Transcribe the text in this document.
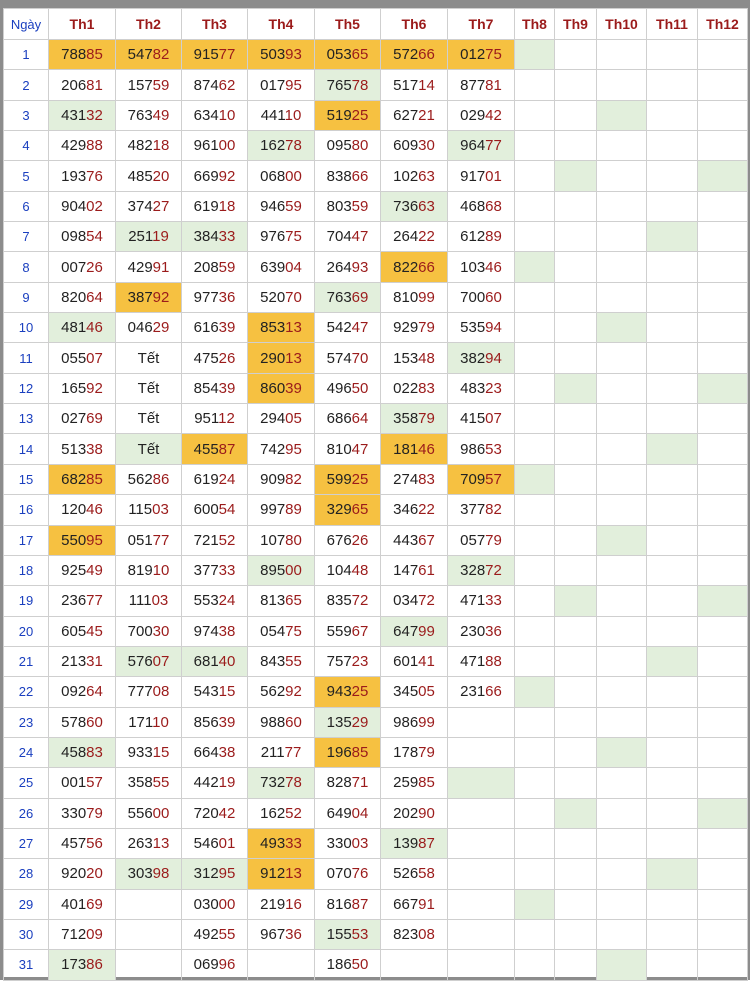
Ngày	Th1	Th2	Th3	Th4	Th5	Th6	Th7	Th8	Th9	Th10	Th11	Th12
1	78885	54782	91577	50393	05365	57266	01275					
2	20681	15759	87462	01795	76578	51714	87781					
3	43132	76349	63410	44110	51925	62721	02942					
4	42988	48218	96100	16278	09580	60930	96477					
5	19376	48520	66992	06800	83866	10263	91701					
6	90402	37427	61918	94659	80359	73663	46868					
7	09854	25119	38433	97675	70447	26422	61289					
8	00726	42991	20859	63904	26493	82266	10346					
9	82064	38792	97736	52070	76369	81099	70060					
10	48146	04629	61639	85313	54247	92979	53594					
11	05507	Tết	47526	29013	57470	15348	38294					
12	16592	Tết	85439	86039	49650	02283	48323					
13	02769	Tết	95112	29405	68664	35879	41507					
14	51338	Tết	45587	74295	81047	18146	98653					
15	68285	56286	61924	90982	59925	27483	70957					
16	12046	11503	60054	99789	32965	34622	37782					
17	55095	05177	72152	10780	67626	44367	05779					
18	92549	81910	37733	89500	10448	14761	32872					
19	23677	11103	55324	81365	83572	03472	47133					
20	60545	70030	97438	05475	55967	64799	23036					
21	21331	57607	68140	84355	75723	60141	47188					
22	09264	77708	54315	56292	94325	34505	23166					
23	57860	17110	85639	98860	13529	98699						
24	45883	93315	66438	21177	19685	17879						
25	00157	35855	44219	73278	82871	25985						
26	33079	55600	72042	16252	64904	20290						
27	45756	26313	54601	49333	33003	13987						
28	92020	30398	31295	91213	07076	52658						
29	40169		03000	21916	81687	66791						
30	71209		49255	96736	15553	82308						
31	17386		06996		18650							
